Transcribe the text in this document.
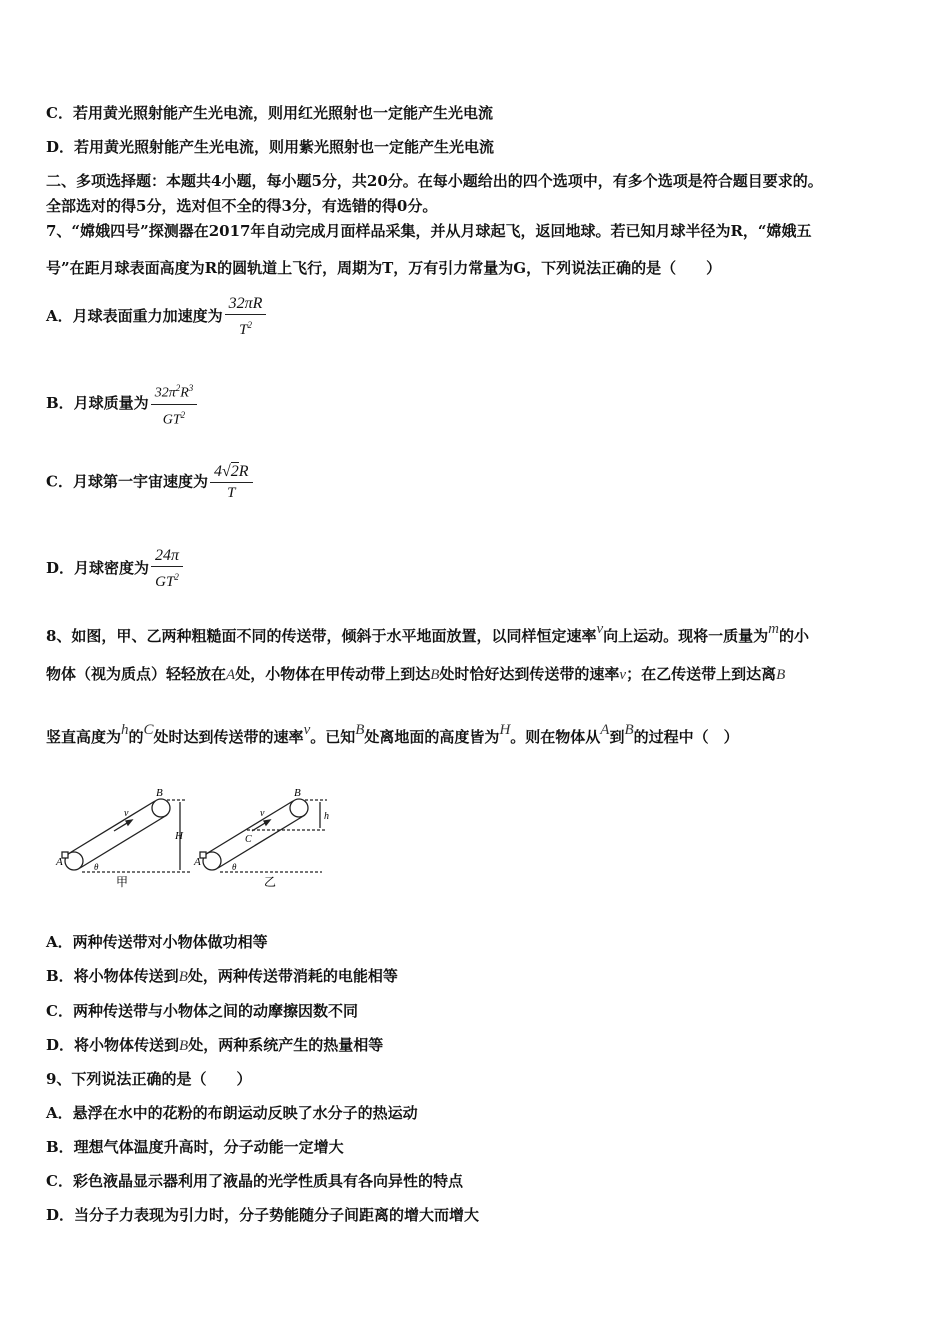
C．若用黄光照射能产生光电流，则用红光照射也一定能产生光电流
D．若用黄光照射能产生光电流，则用紫光照射也一定能产生光电流
二、多项选择题：本题共4小题，每小题5分，共20分。在每小题给出的四个选项中，有多个选项是符合题目要求的。
全部选对的得5分，选对但不全的得3分，有选错的得0分。
7、“嫦娥四号”探测器在2017年自动完成月面样品采集，并从月球起飞，返回地球。若已知月球半径为R，“嫦娥五
号”在距月球表面高度为R的圆轨道上飞行，周期为T，万有引力常量为G，下列说法正确的是（　　）
A．月球表面重力加速度为 $\frac{32\pi R}{T^2}$
B．月球质量为 $\frac{32\pi^2R^3}{GT^2}$
C．月球第一宇宙速度为 $\frac{4√2R}{T}$
D．月球密度为 $\frac{24\pi}{GT^2}$
8、如图，甲、乙两种粗糙面不同的传送带，倾斜于水平地面放置，以同样恒定速率v向上运动。现将一质量为m的小
物体（视为质点）轻轻放在A处，小物体在甲传动带上到达B处时恰好达到传送带的速率v；在乙传送带上到达离B
竖直高度为h的C处时达到传送带的速率v。已知B处离地面的高度皆为H。则在物体从A到B的过程中（　）
A
B
v
H
θ
甲
A
B
C
v	h
θ
乙
A．两种传送带对小物体做功相等
B．将小物体传送到B处，两种传送带消耗的电能相等
C．两种传送带与小物体之间的动摩擦因数不同
D．将小物体传送到B处，两种系统产生的热量相等
9、下列说法正确的是（　　）
A．悬浮在水中的花粉的布朗运动反映了水分子的热运动
B．理想气体温度升高时，分子动能一定增大
C．彩色液晶显示器利用了液晶的光学性质具有各向异性的特点
D．当分子力表现为引力时，分子势能随分子间距离的增大而增大
